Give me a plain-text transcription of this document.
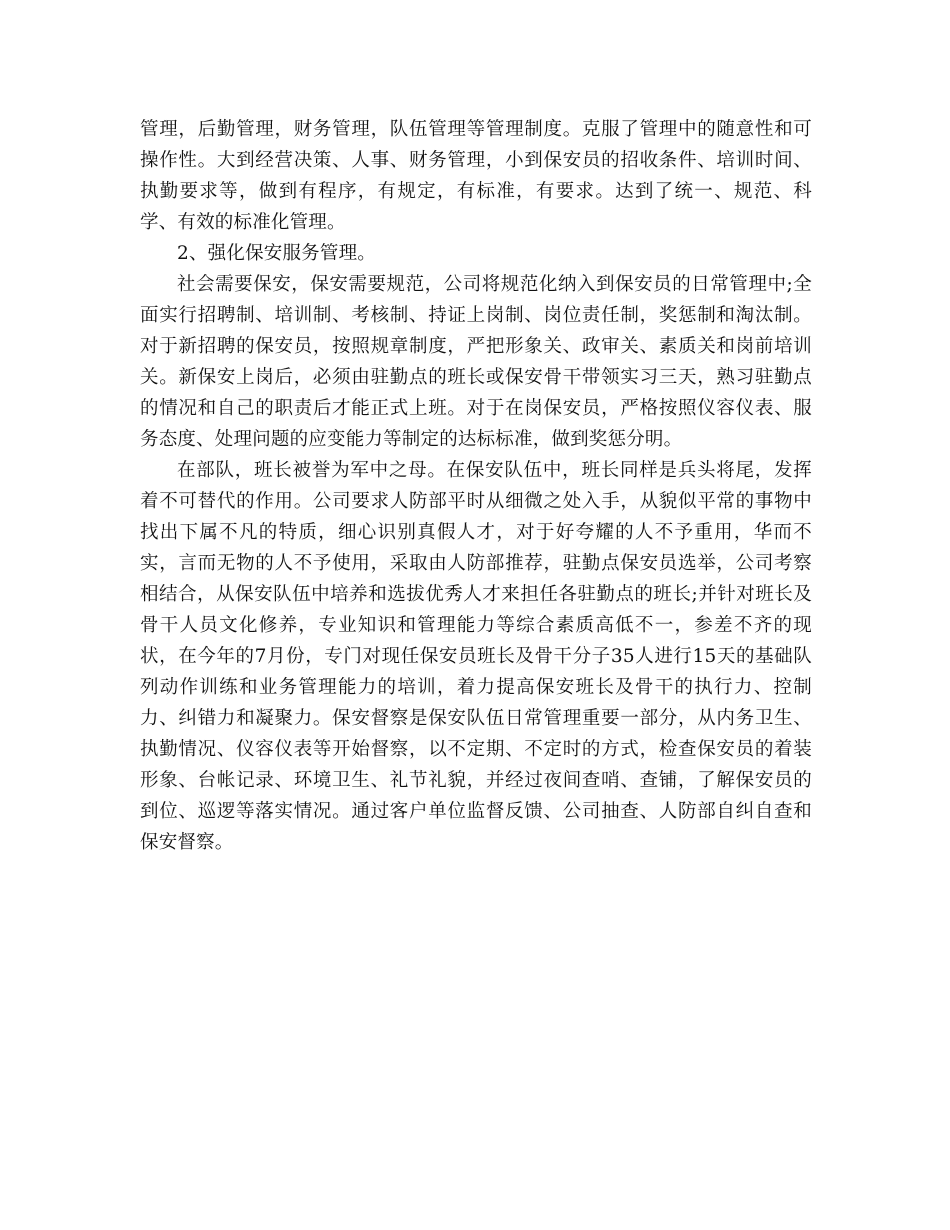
管理，后勤管理，财务管理，队伍管理等管理制度。克服了管理中的随意性和可操作性。大到经营决策、人事、财务管理，小到保安员的招收条件、培训时间、执勤要求等，做到有程序，有规定，有标准，有要求。达到了统一、规范、科学、有效的标准化管理。

2、强化保安服务管理。

社会需要保安，保安需要规范，公司将规范化纳入到保安员的日常管理中;全面实行招聘制、培训制、考核制、持证上岗制、岗位责任制，奖惩制和淘汰制。对于新招聘的保安员，按照规章制度，严把形象关、政审关、素质关和岗前培训关。新保安上岗后，必须由驻勤点的班长或保安骨干带领实习三天，熟习驻勤点的情况和自己的职责后才能正式上班。对于在岗保安员，严格按照仪容仪表、服务态度、处理问题的应变能力等制定的达标标准，做到奖惩分明。

在部队，班长被誉为军中之母。在保安队伍中，班长同样是兵头将尾，发挥着不可替代的作用。公司要求人防部平时从细微之处入手，从貌似平常的事物中找出下属不凡的特质，细心识别真假人才，对于好夸耀的人不予重用，华而不实，言而无物的人不予使用，采取由人防部推荐，驻勤点保安员选举，公司考察相结合，从保安队伍中培养和选拔优秀人才来担任各驻勤点的班长;并针对班长及骨干人员文化修养，专业知识和管理能力等综合素质高低不一，参差不齐的现状，在今年的7月份，专门对现任保安员班长及骨干分子35人进行15天的基础队列动作训练和业务管理能力的培训，着力提高保安班长及骨干的执行力、控制力、纠错力和凝聚力。保安督察是保安队伍日常管理重要一部分，从内务卫生、执勤情况、仪容仪表等开始督察，以不定期、不定时的方式，检查保安员的着装形象、台帐记录、环境卫生、礼节礼貌，并经过夜间查哨、查铺，了解保安员的到位、巡逻等落实情况。通过客户单位监督反馈、公司抽查、人防部自纠自查和保安督察。
